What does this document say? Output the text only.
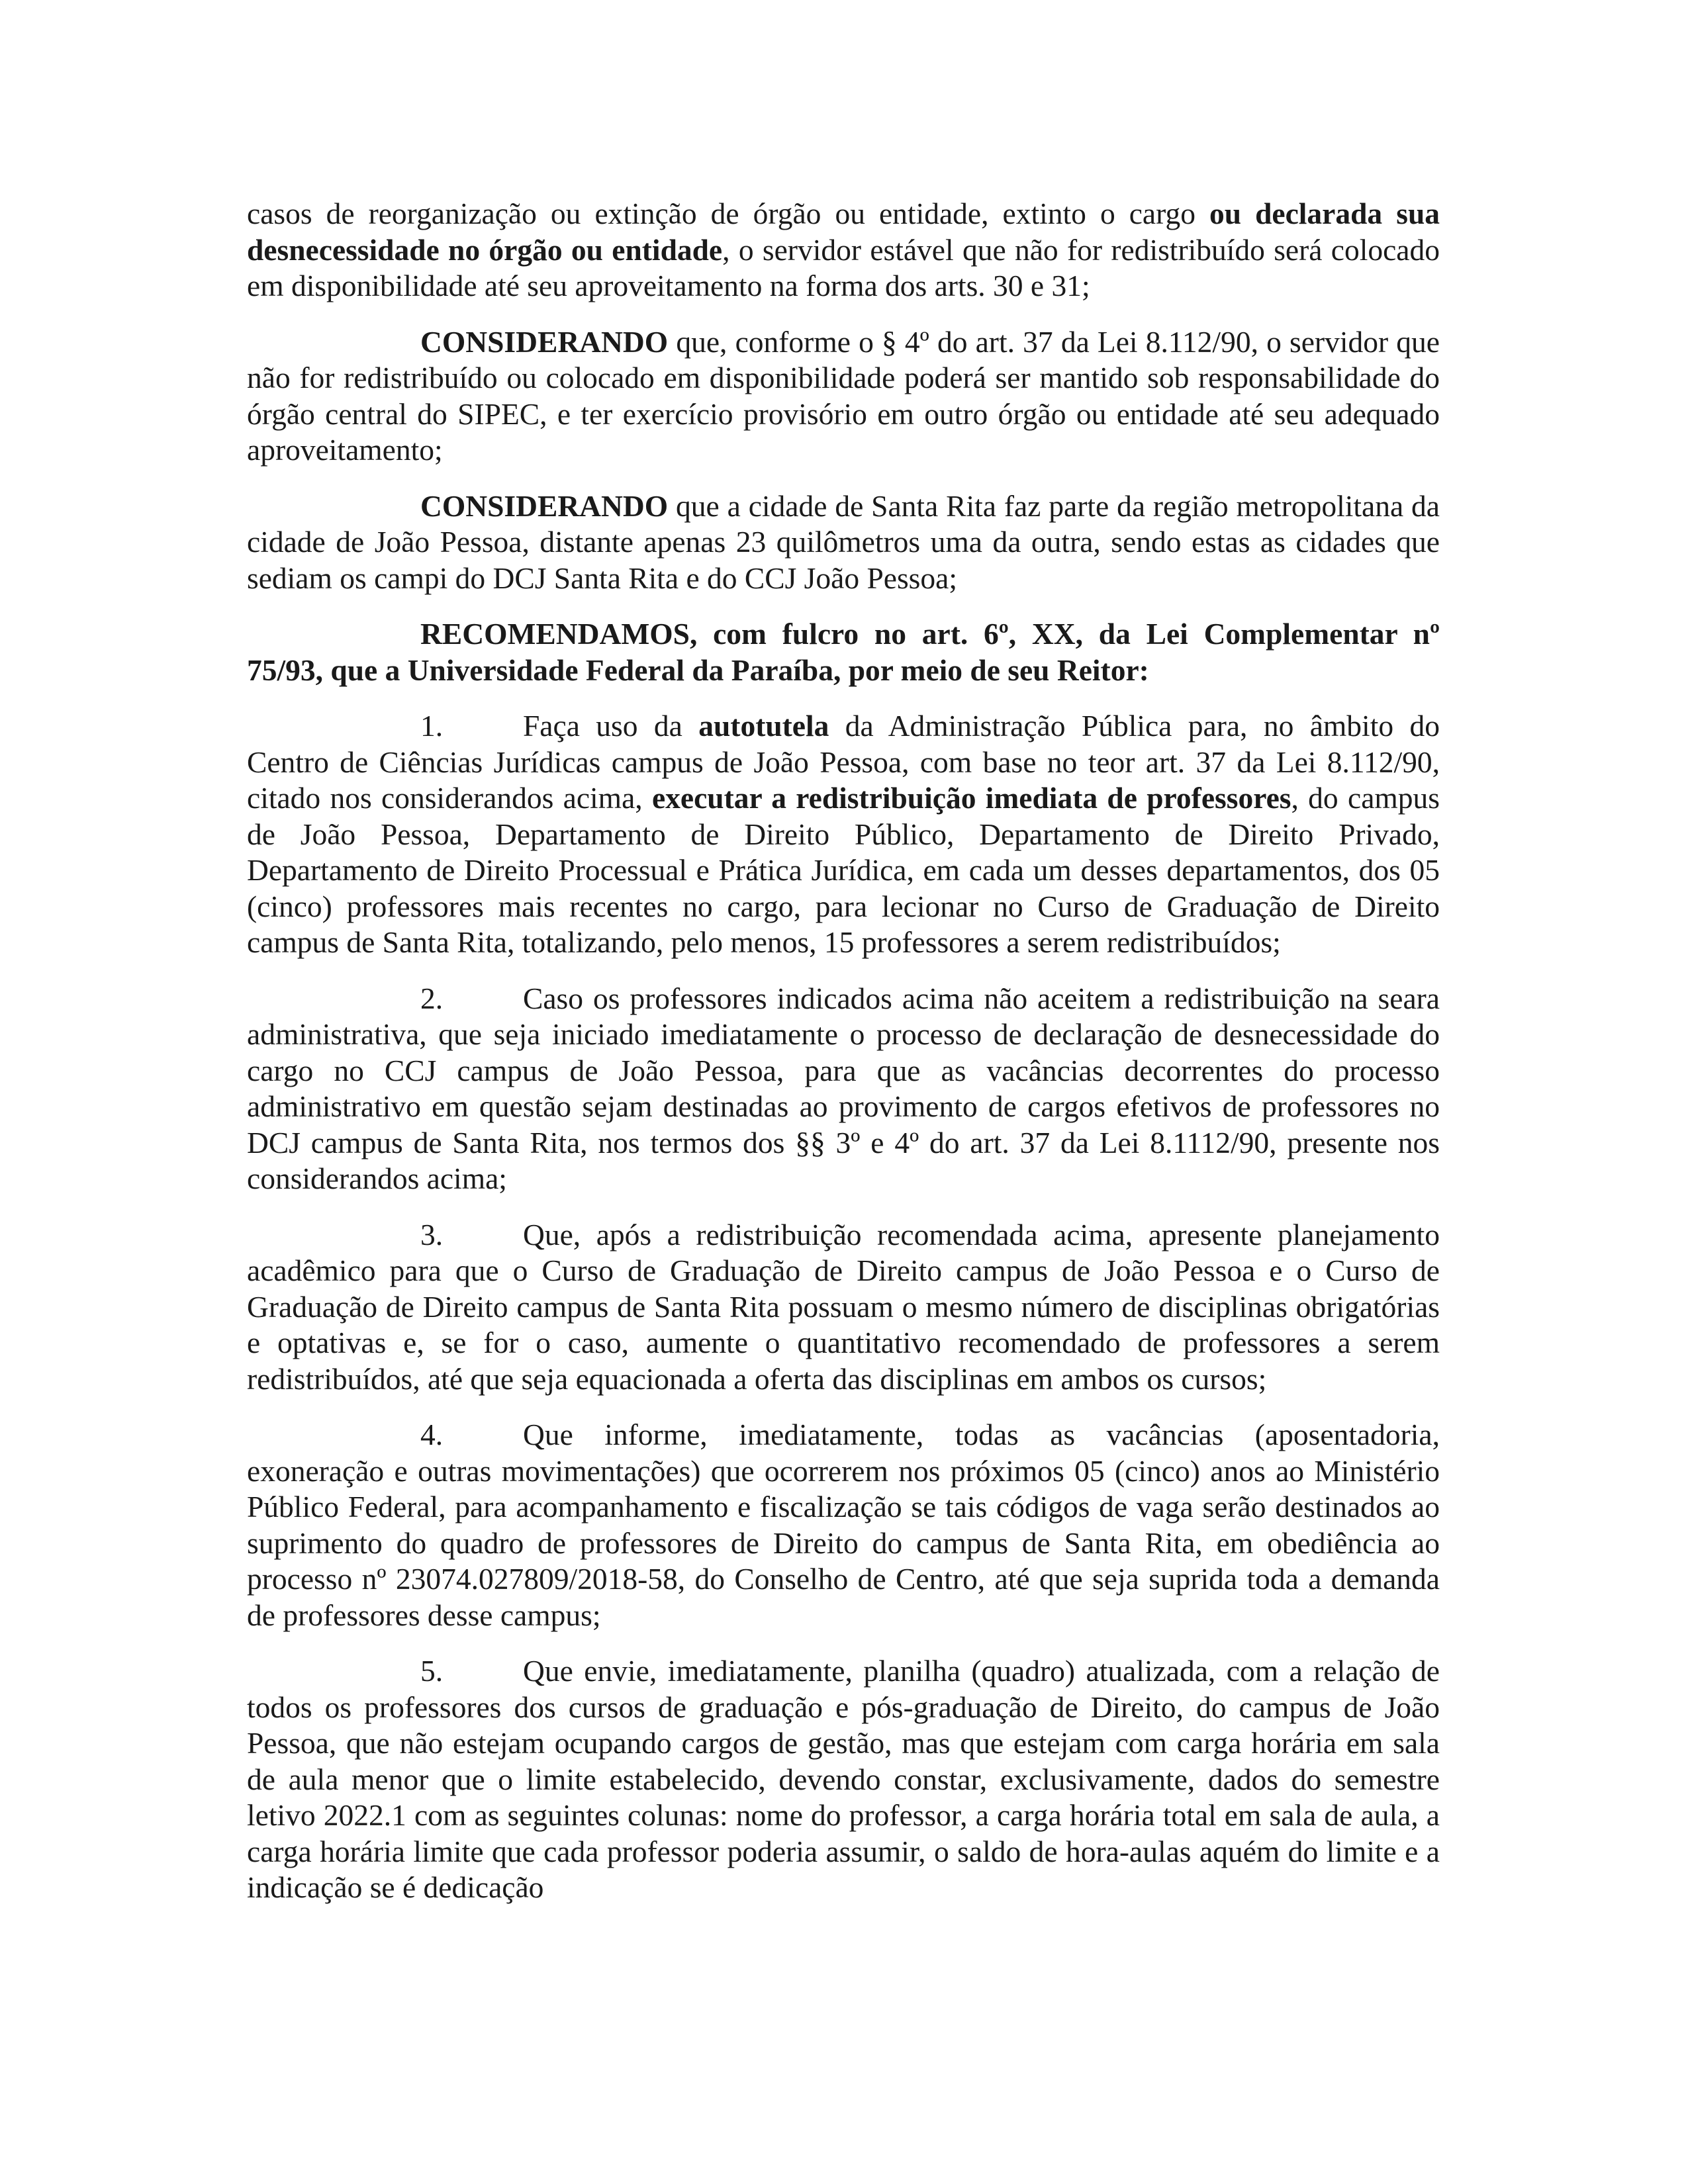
casos de reorganização ou extinção de órgão ou entidade, extinto o cargo ou declarada sua desnecessidade no órgão ou entidade, o servidor estável que não for redistribuído será colocado em disponibilidade até seu aproveitamento na forma dos arts. 30 e 31;

CONSIDERANDO que, conforme o § 4º do art. 37 da Lei 8.112/90, o servidor que não for redistribuído ou colocado em disponibilidade poderá ser mantido sob responsabilidade do órgão central do SIPEC, e ter exercício provisório em outro órgão ou entidade até seu adequado aproveitamento;

CONSIDERANDO que a cidade de Santa Rita faz parte da região metropolitana da cidade de João Pessoa, distante apenas 23 quilômetros uma da outra, sendo estas as cidades que sediam os campi do DCJ Santa Rita e do CCJ João Pessoa;

RECOMENDAMOS, com fulcro no art. 6º, XX, da Lei Complementar nº 75/93, que a Universidade Federal da Paraíba, por meio de seu Reitor:

1.	Faça uso da autotutela da Administração Pública para, no âmbito do Centro de Ciências Jurídicas campus de João Pessoa, com base no teor art. 37 da Lei 8.112/90, citado nos considerandos acima, executar a redistribuição imediata de professores, do campus de João Pessoa, Departamento de Direito Público, Departamento de Direito Privado, Departamento de Direito Processual e Prática Jurídica, em cada um desses departamentos, dos 05 (cinco) professores mais recentes no cargo, para lecionar no Curso de Graduação de Direito campus de Santa Rita, totalizando, pelo menos, 15 professores a serem redistribuídos;

2.	Caso os professores indicados acima não aceitem a redistribuição na seara administrativa, que seja iniciado imediatamente o processo de declaração de desnecessidade do cargo no CCJ campus de João Pessoa, para que as vacâncias decorrentes do processo administrativo em questão sejam destinadas ao provimento de cargos efetivos de professores no DCJ campus de Santa Rita, nos termos dos §§ 3º e 4º do art. 37 da Lei 8.1112/90, presente nos considerandos acima;

3.	Que, após a redistribuição recomendada acima, apresente planejamento acadêmico para que o Curso de Graduação de Direito campus de João Pessoa e o Curso de Graduação de Direito campus de Santa Rita possuam o mesmo número de disciplinas obrigatórias e optativas e, se for o caso, aumente o quantitativo recomendado de professores a serem redistribuídos, até que seja equacionada a oferta das disciplinas em ambos os cursos;

4.	Que informe, imediatamente, todas as vacâncias (aposentadoria, exoneração e outras movimentações) que ocorrerem nos próximos 05 (cinco) anos ao Ministério Público Federal, para acompanhamento e fiscalização se tais códigos de vaga serão destinados ao suprimento do quadro de professores de Direito do campus de Santa Rita, em obediência ao processo nº 23074.027809/2018-58, do Conselho de Centro, até que seja suprida toda a demanda de professores desse campus;

5.	Que envie, imediatamente, planilha (quadro) atualizada, com a relação de todos os professores dos cursos de graduação e pós-graduação de Direito, do campus de João Pessoa, que não estejam ocupando cargos de gestão, mas que estejam com carga horária em sala de aula menor que o limite estabelecido, devendo constar, exclusivamente, dados do semestre letivo 2022.1 com as seguintes colunas: nome do professor, a carga horária total em sala de aula, a carga horária limite que cada professor poderia assumir, o saldo de hora-aulas aquém do limite e a indicação se é dedicação
